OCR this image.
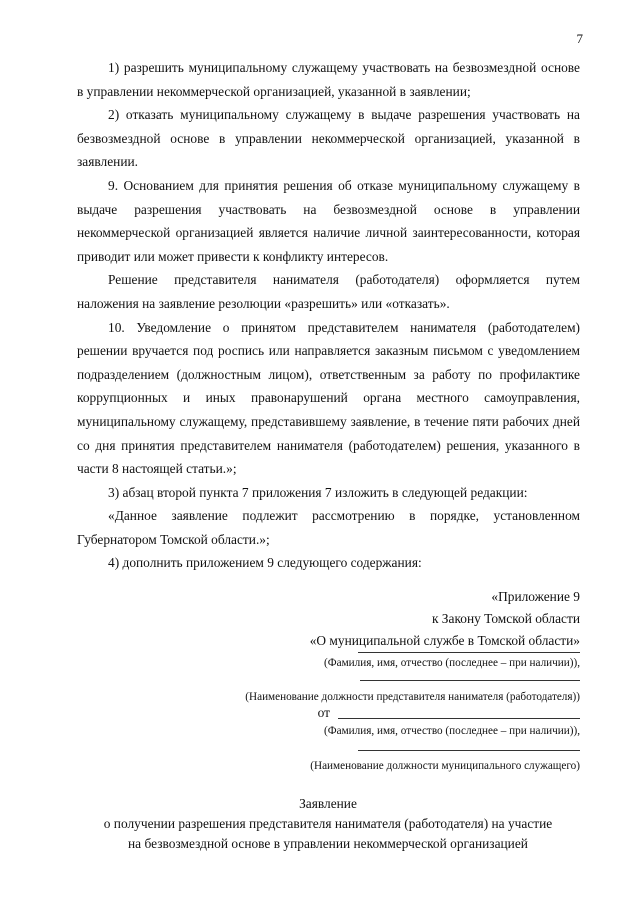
7

1) разрешить муниципальному служащему участвовать на безвозмездной основе в управлении некоммерческой организацией, указанной в заявлении;

2) отказать муниципальному служащему в выдаче разрешения участвовать на безвозмездной основе в управлении некоммерческой организацией, указанной в заявлении.

9. Основанием для принятия решения об отказе муниципальному служащему в выдаче разрешения участвовать на безвозмездной основе в управлении некоммерческой организацией является наличие личной заинтересованности, которая приводит или может привести к конфликту интересов.

Решение представителя нанимателя (работодателя) оформляется путем наложения на заявление резолюции «разрешить» или «отказать».

10. Уведомление о принятом представителем нанимателя (работодателем) решении вручается под роспись или направляется заказным письмом с уведомлением подразделением (должностным лицом), ответственным за работу по профилактике коррупционных и иных правонарушений органа местного самоуправления, муниципальному служащему, представившему заявление, в течение пяти рабочих дней со дня принятия представителем нанимателя (работодателем) решения, указанного в части 8 настоящей статьи.»;

3) абзац второй пункта 7 приложения 7 изложить в следующей редакции:

«Данное заявление подлежит рассмотрению в порядке, установленном Губернатором Томской области.»;

4) дополнить приложением 9 следующего содержания:

«Приложение 9
к Закону Томской области
«О муниципальной службе в Томской области»
(Фамилия, имя, отчество (последнее – при наличии)),
(Наименование должности представителя нанимателя (работодателя))
от
(Фамилия, имя, отчество (последнее – при наличии)),
(Наименование должности муниципального служащего)
Заявление
о получении разрешения представителя нанимателя (работодателя) на участие
на безвозмездной основе в управлении некоммерческой организацией
